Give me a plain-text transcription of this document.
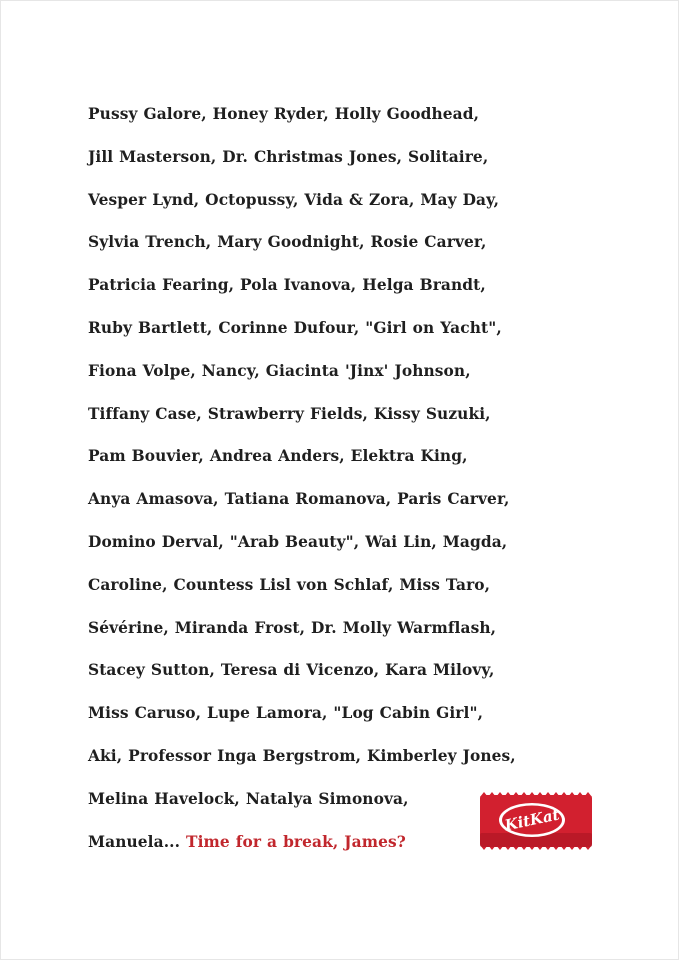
Pussy Galore, Honey Ryder, Holly Goodhead,
Jill Masterson, Dr. Christmas Jones, Solitaire,
Vesper Lynd, Octopussy, Vida & Zora, May Day,
Sylvia Trench, Mary Goodnight, Rosie Carver,
Patricia Fearing, Pola Ivanova, Helga Brandt,
Ruby Bartlett, Corinne Dufour, "Girl on Yacht",
Fiona Volpe, Nancy, Giacinta 'Jinx' Johnson,
Tiffany Case, Strawberry Fields, Kissy Suzuki,
Pam Bouvier, Andrea Anders, Elektra King,
Anya Amasova, Tatiana Romanova, Paris Carver,
Domino Derval, "Arab Beauty", Wai Lin, Magda,
Caroline, Countess Lisl von Schlaf, Miss Taro,
Sévérine, Miranda Frost, Dr. Molly Warmflash,
Stacey Sutton, Teresa di Vicenzo, Kara Milovy,
Miss Caruso, Lupe Lamora, "Log Cabin Girl",
Aki, Professor Inga Bergstrom, Kimberley Jones,
Melina Havelock, Natalya Simonova,
Manuela... Time for a break, James?
KitKat
